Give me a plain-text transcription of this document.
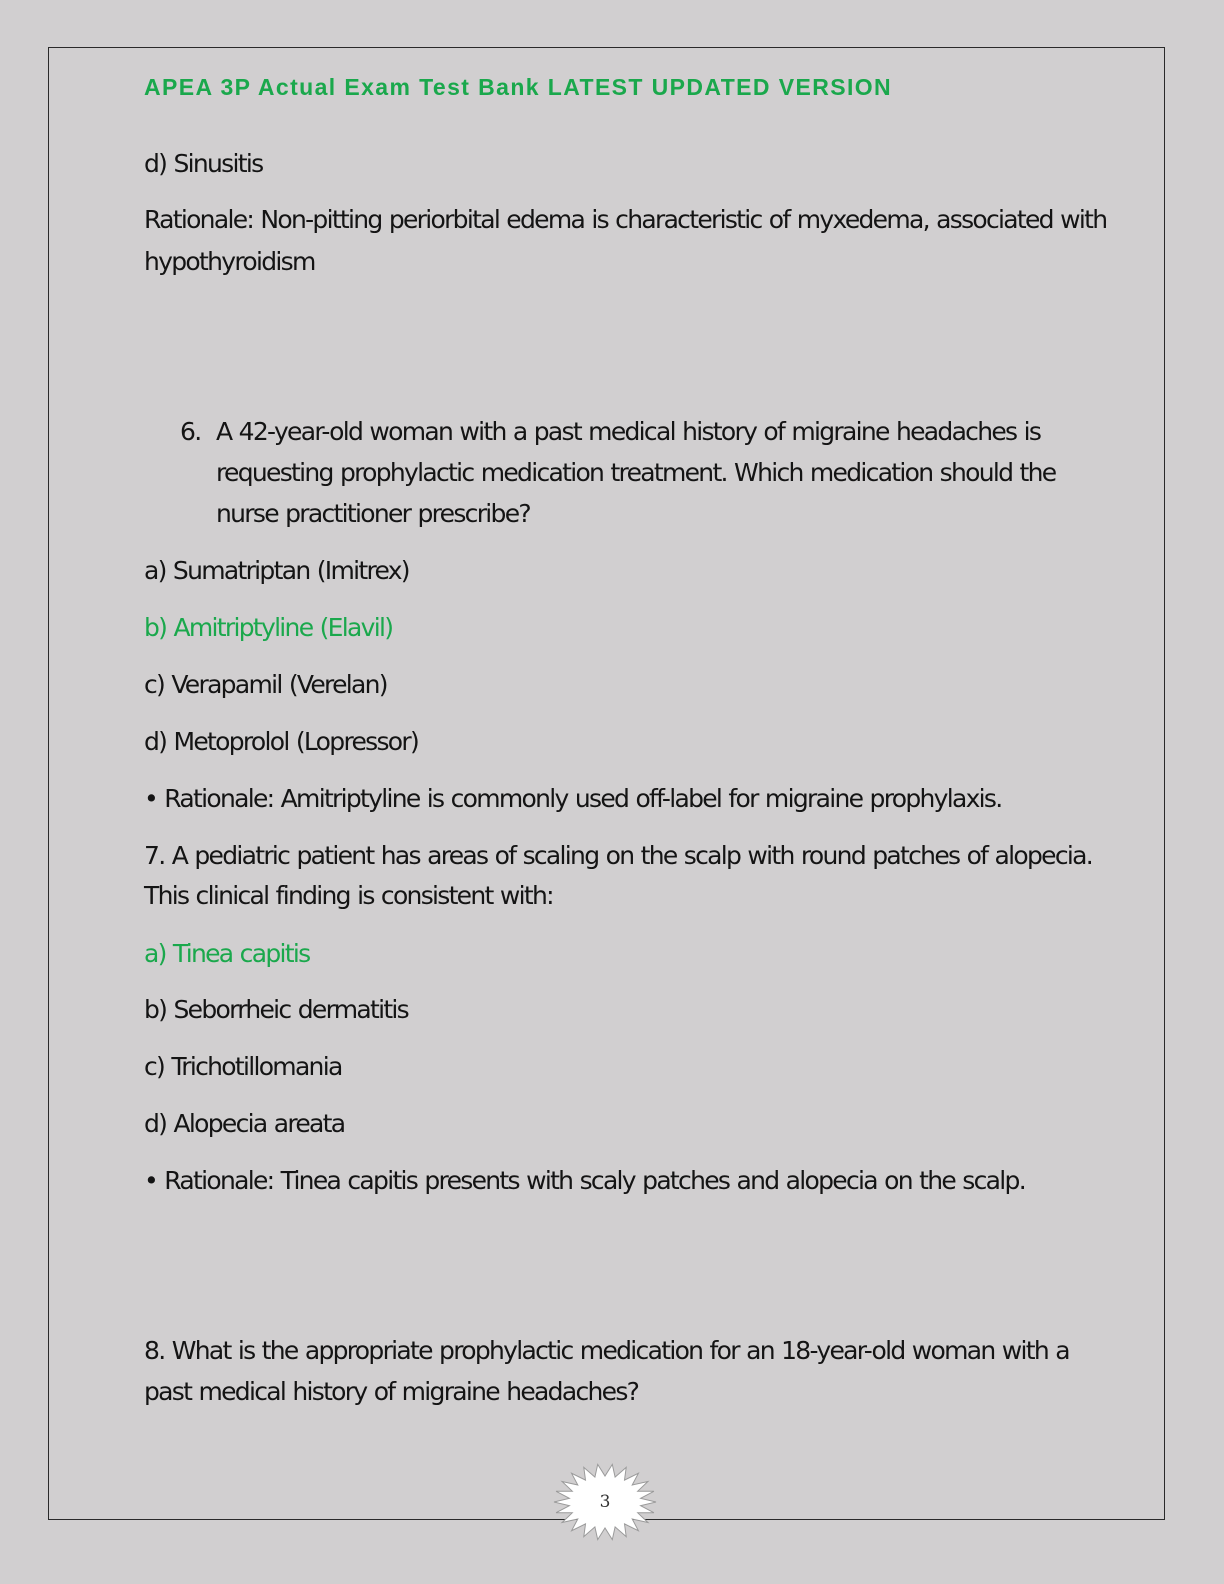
APEA 3P Actual Exam Test Bank LATEST UPDATED VERSION
d) Sinusitis
Rationale: Non-pitting periorbital edema is characteristic of myxedema, associated with
hypothyroidism
6. A 42-year-old woman with a past medical history of migraine headaches is
requesting prophylactic medication treatment. Which medication should the
nurse practitioner prescribe?
a) Sumatriptan (Imitrex)
b) Amitriptyline (Elavil)
c) Verapamil (Verelan)
d) Metoprolol (Lopressor)
• Rationale: Amitriptyline is commonly used off-label for migraine prophylaxis.
7. A pediatric patient has areas of scaling on the scalp with round patches of alopecia.
This clinical finding is consistent with:
a) Tinea capitis
b) Seborrheic dermatitis
c) Trichotillomania
d) Alopecia areata
• Rationale: Tinea capitis presents with scaly patches and alopecia on the scalp.
8. What is the appropriate prophylactic medication for an 18-year-old woman with a
past medical history of migraine headaches?
3
